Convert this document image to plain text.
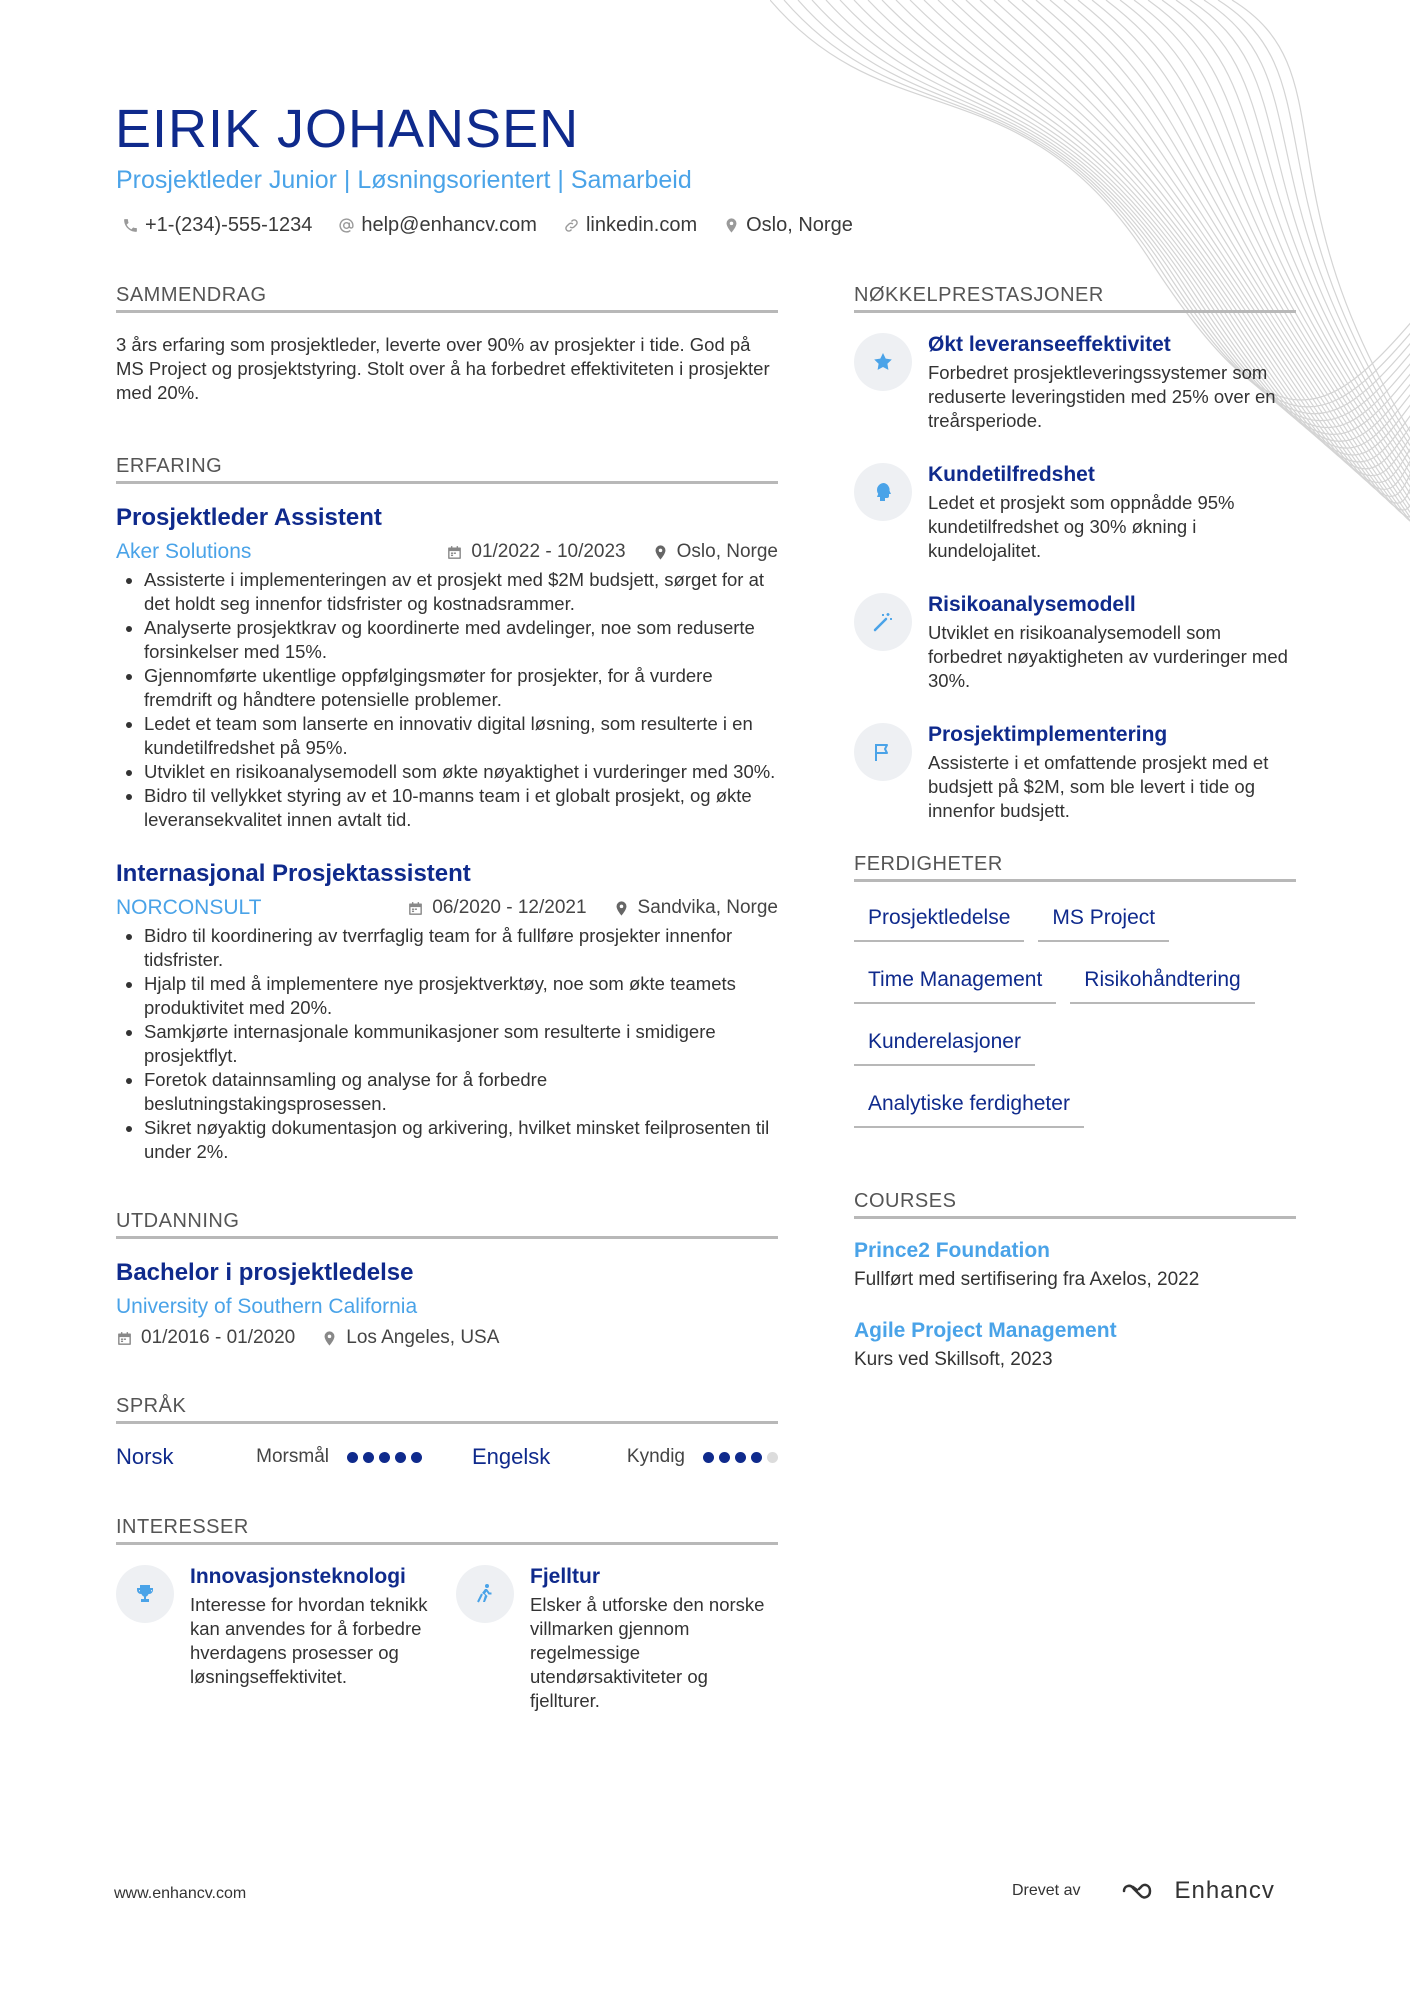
EIRIK JOHANSEN
Prosjektleder Junior | Løsningsorientert | Samarbeid
+1-(234)-555-1234 help@enhancv.com linkedin.com Oslo, Norge
SAMMENDRAG

3 års erfaring som prosjektleder, leverte over 90% av prosjekter i tide. God på MS Project og prosjektstyring. Stolt over å ha forbedret effektiviteten i prosjekter med 20%.

ERFARING
Prosjektleder Assistent
Aker Solutions	01/2022 - 10/2023	Oslo, Norge
• Assisterte i implementeringen av et prosjekt med $2M budsjett, sørget for at det holdt seg innenfor tidsfrister og kostnadsrammer.
• Analyserte prosjektkrav og koordinerte med avdelinger, noe som reduserte forsinkelser med 15%.
• Gjennomførte ukentlige oppfølgingsmøter for prosjekter, for å vurdere fremdrift og håndtere potensielle problemer.
• Ledet et team som lanserte en innovativ digital løsning, som resulterte i en kundetilfredshet på 95%.
• Utviklet en risikoanalysemodell som økte nøyaktighet i vurderinger med 30%.
• Bidro til vellykket styring av et 10-manns team i et globalt prosjekt, og økte leveransekvalitet innen avtalt tid.
Internasjonal Prosjektassistent
NORCONSULT	06/2020 - 12/2021	Sandvika, Norge
• Bidro til koordinering av tverrfaglig team for å fullføre prosjekter innenfor tidsfrister.
• Hjalp til med å implementere nye prosjektverktøy, noe som økte teamets produktivitet med 20%.
• Samkjørte internasjonale kommunikasjoner som resulterte i smidigere prosjektflyt.
• Foretok datainnsamling og analyse for å forbedre beslutningstakingsprosessen.
• Sikret nøyaktig dokumentasjon og arkivering, hvilket minsket feilprosenten til under 2%.
UTDANNING
Bachelor i prosjektledelse
University of Southern California
01/2016 - 01/2020	Los Angeles, USA
SPRÅK
Norsk	Morsmål	Engelsk	Kyndig
INTERESSER
Innovasjonsteknologi

Interesse for hvordan teknikk kan anvendes for å forbedre hverdagens prosesser og løsningseffektivitet.

Fjelltur

Elsker å utforske den norske villmarken gjennom regelmessige utendørsaktiviteter og fjellturer.

NØKKELPRESTASJONER
Økt leveranseeffektivitet

Forbedret prosjektleveringssystemer som reduserte leveringstiden med 25% over en treårsperiode.

Kundetilfredshet

Ledet et prosjekt som oppnådde 95% kundetilfredshet og 30% økning i kundelojalitet.

Risikoanalysemodell

Utviklet en risikoanalysemodell som forbedret nøyaktigheten av vurderinger med 30%.

Prosjektimplementering

Assisterte i et omfattende prosjekt med et budsjett på $2M, som ble levert i tide og innenfor budsjett.

FERDIGHETER
Prosjektledelse	MS Project
Time Management	Risikohåndtering
Kunderelasjoner
Analytiske ferdigheter
COURSES
Prince2 Foundation

Fullført med sertifisering fra Axelos, 2022

Agile Project Management

Kurs ved Skillsoft, 2023

www.enhancv.com	Drevet av	Enhancv
